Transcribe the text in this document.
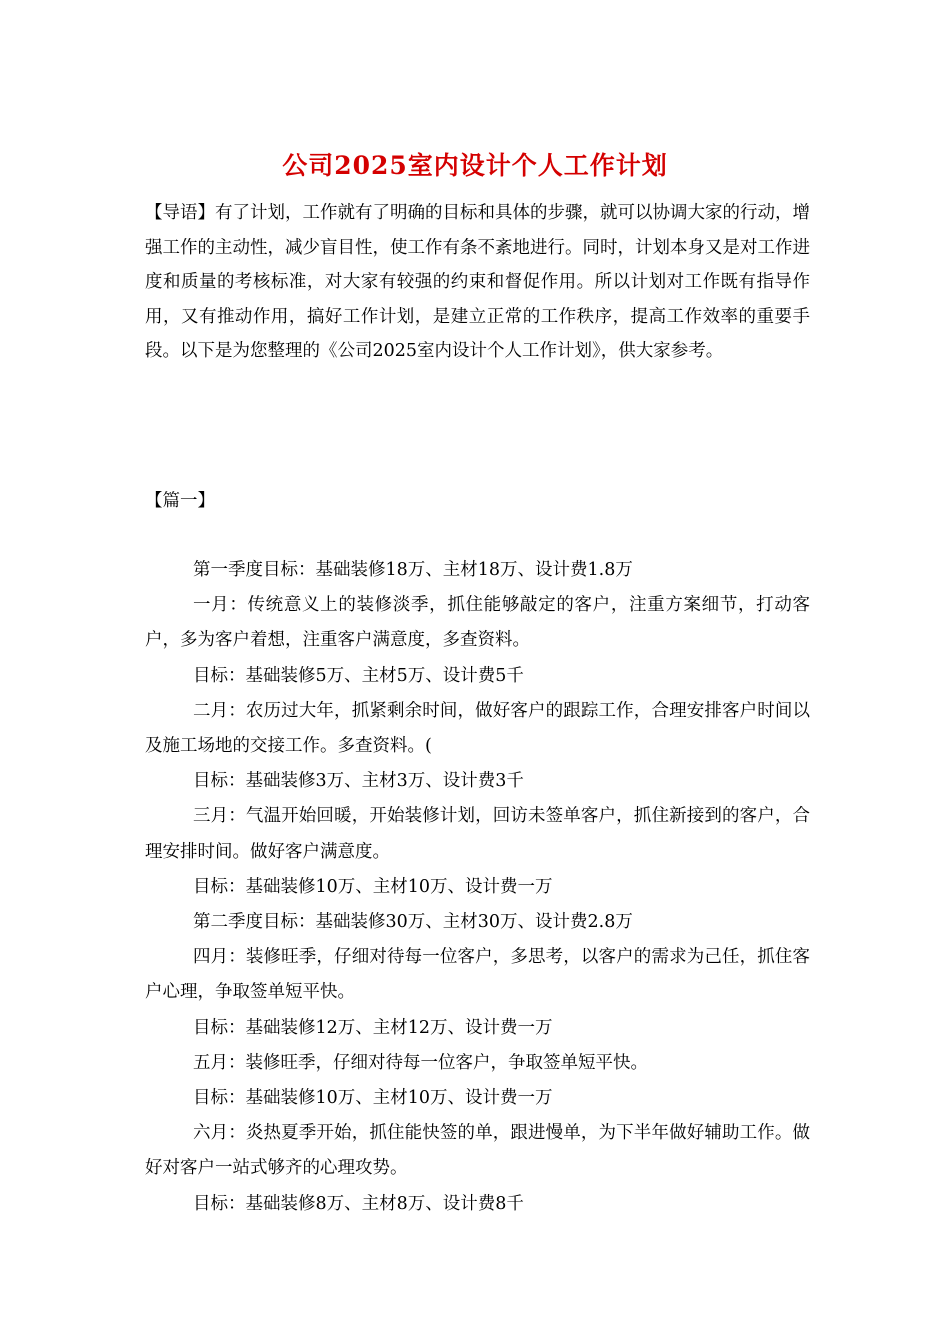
公司2025室内设计个人工作计划
【导语】有了计划，工作就有了明确的目标和具体的步骤，就可以协调大家的行动，增强工作的主动性，减少盲目性，使工作有条不紊地进行。同时，计划本身又是对工作进度和质量的考核标准，对大家有较强的约束和督促作用。所以计划对工作既有指导作用，又有推动作用，搞好工作计划，是建立正常的工作秩序，提高工作效率的重要手段。以下是为您整理的《公司2025室内设计个人工作计划》，供大家参考。
【篇一】

第一季度目标：基础装修18万、主材18万、设计费1.8万

一月：传统意义上的装修淡季，抓住能够敲定的客户，注重方案细节，打动客户，多为客户着想，注重客户满意度，多查资料。

目标：基础装修5万、主材5万、设计费5千

二月：农历过大年，抓紧剩余时间，做好客户的跟踪工作，合理安排客户时间以及施工场地的交接工作。多查资料。(

目标：基础装修3万、主材3万、设计费3千

三月：气温开始回暖，开始装修计划，回访未签单客户，抓住新接到的客户，合理安排时间。做好客户满意度。

目标：基础装修10万、主材10万、设计费一万

第二季度目标：基础装修30万、主材30万、设计费2.8万

四月：装修旺季，仔细对待每一位客户，多思考，以客户的需求为己任，抓住客户心理，争取签单短平快。

目标：基础装修12万、主材12万、设计费一万

五月：装修旺季，仔细对待每一位客户，争取签单短平快。

目标：基础装修10万、主材10万、设计费一万

六月：炎热夏季开始，抓住能快签的单，跟进慢单，为下半年做好辅助工作。做好对客户一站式够齐的心理攻势。

目标：基础装修8万、主材8万、设计费8千
